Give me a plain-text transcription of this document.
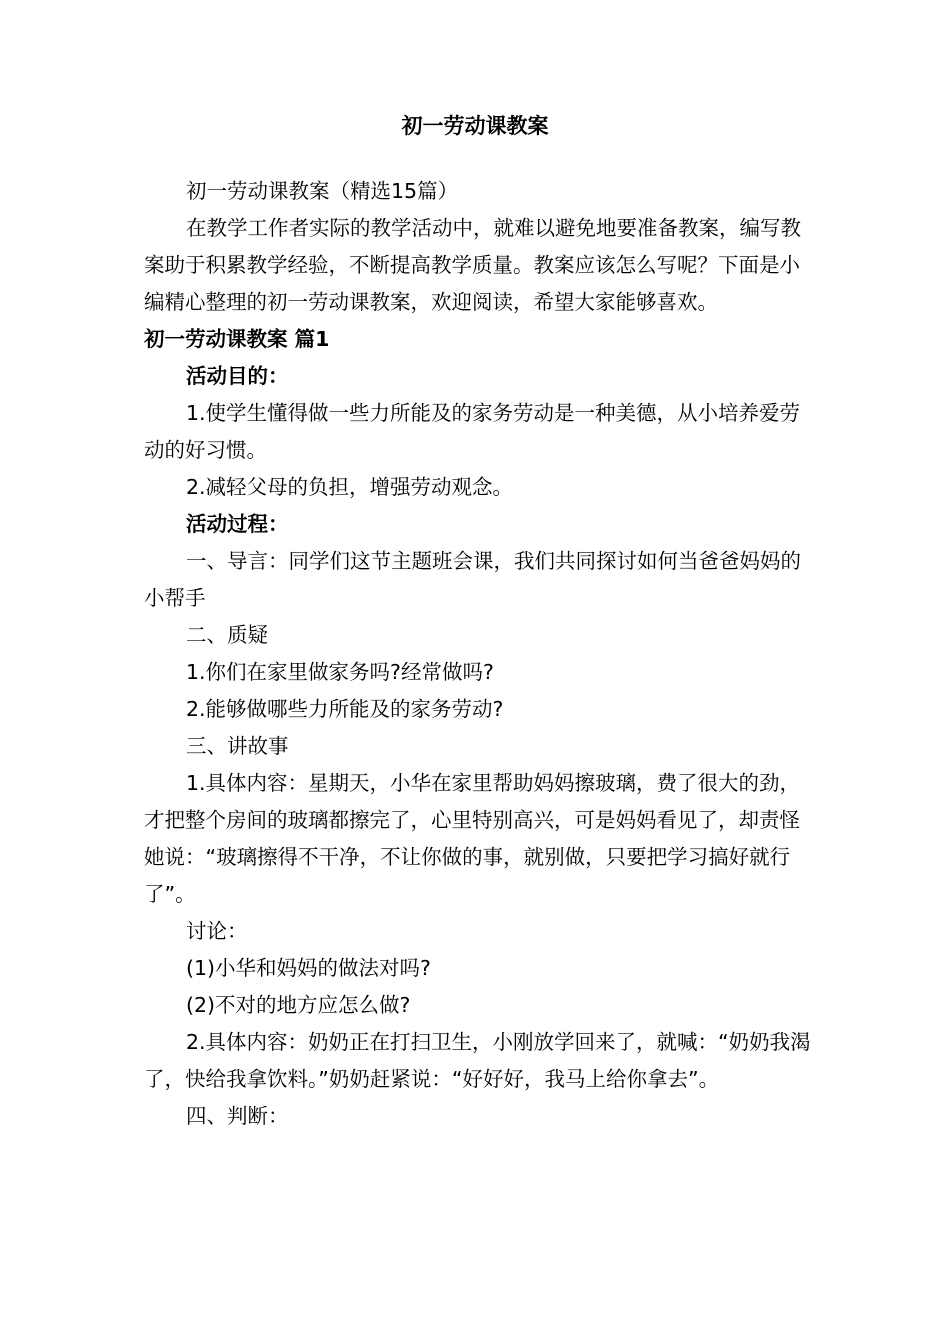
初一劳动课教案

初一劳动课教案（精选15篇）

在教学工作者实际的教学活动中，就难以避免地要准备教案，编写教案助于积累教学经验，不断提高教学质量。教案应该怎么写呢？下面是小编精心整理的初一劳动课教案，欢迎阅读，希望大家能够喜欢。

初一劳动课教案 篇1

活动目的：

1.使学生懂得做一些力所能及的家务劳动是一种美德，从小培养爱劳动的好习惯。

2.减轻父母的负担，增强劳动观念。

活动过程：

一、导言：同学们这节主题班会课，我们共同探讨如何当爸爸妈妈的小帮手

二、质疑

1.你们在家里做家务吗?经常做吗?

2.能够做哪些力所能及的家务劳动?

三、讲故事

1.具体内容：星期天，小华在家里帮助妈妈擦玻璃，费了很大的劲，才把整个房间的玻璃都擦完了，心里特别高兴，可是妈妈看见了，却责怪她说：“玻璃擦得不干净，不让你做的事，就别做，只要把学习搞好就行了”。

讨论：

(1)小华和妈妈的做法对吗?

(2)不对的地方应怎么做?

2.具体内容：奶奶正在打扫卫生，小刚放学回来了，就喊：“奶奶我渴了，快给我拿饮料。”奶奶赶紧说：“好好好，我马上给你拿去”。

四、判断：
